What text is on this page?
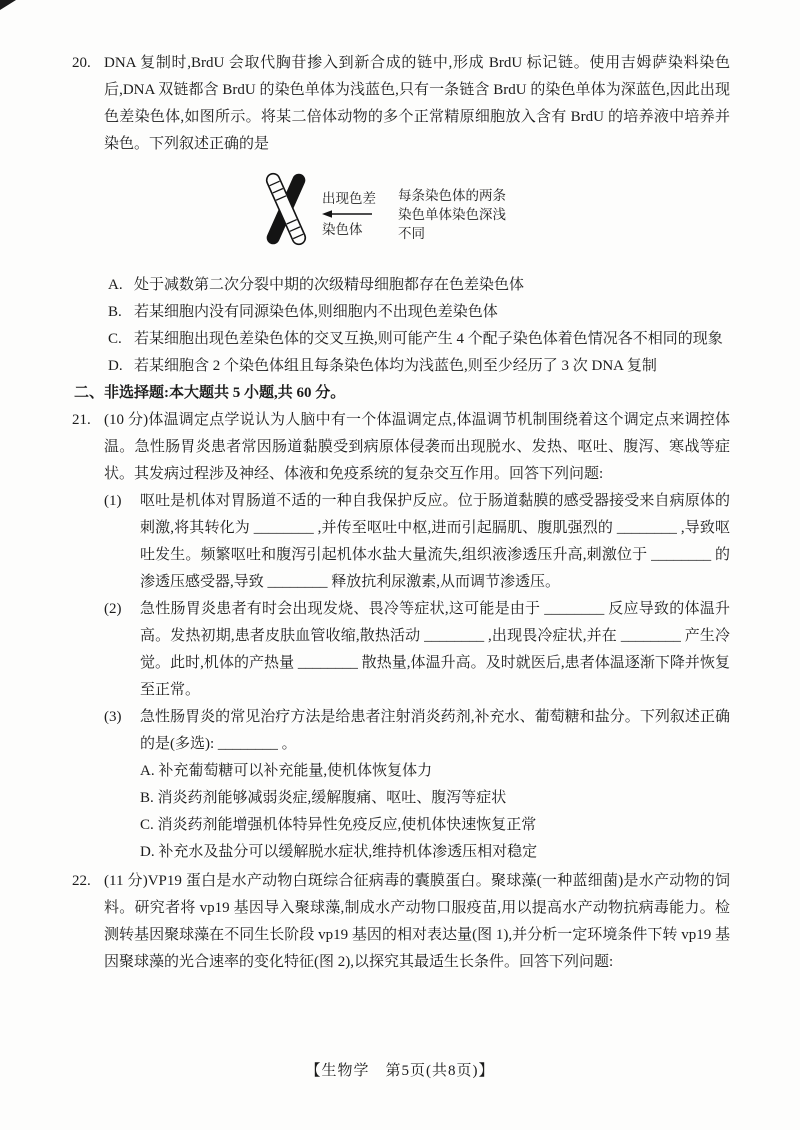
20. DNA 复制时,BrdU 会取代胸苷掺入到新合成的链中,形成 BrdU 标记链。使用吉姆萨染料染色后,DNA 双链都含 BrdU 的染色单体为浅蓝色,只有一条链含 BrdU 的染色单体为深蓝色,因此出现色差染色体,如图所示。将某二倍体动物的多个正常精原细胞放入含有 BrdU 的培养液中培养并染色。下列叙述正确的是
出现色差
染色体
每条染色体的两条
染色单体染色深浅
不同
A. 处于减数第二次分裂中期的次级精母细胞都存在色差染色体
B. 若某细胞内没有同源染色体,则细胞内不出现色差染色体
C. 若某细胞出现色差染色体的交叉互换,则可能产生 4 个配子染色体着色情况各不相同的现象
D. 若某细胞含 2 个染色体组且每条染色体均为浅蓝色,则至少经历了 3 次 DNA 复制
二、非选择题:本大题共 5 小题,共 60 分。
21. (10 分)体温调定点学说认为人脑中有一个体温调定点,体温调节机制围绕着这个调定点来调控体温。急性肠胃炎患者常因肠道黏膜受到病原体侵袭而出现脱水、发热、呕吐、腹泻、寒战等症状。其发病过程涉及神经、体液和免疫系统的复杂交互作用。回答下列问题:
(1)	呕吐是机体对胃肠道不适的一种自我保护反应。位于肠道黏膜的感受器接受来自病原体的刺激,将其转化为 ________ ,并传至呕吐中枢,进而引起膈肌、腹肌强烈的 ________ ,导致呕吐发生。频繁呕吐和腹泻引起机体水盐大量流失,组织液渗透压升高,刺激位于 ________ 的渗透压感受器,导致 ________ 释放抗利尿激素,从而调节渗透压。
(2)	急性肠胃炎患者有时会出现发烧、畏冷等症状,这可能是由于 ________ 反应导致的体温升高。发热初期,患者皮肤血管收缩,散热活动 ________ ,出现畏冷症状,并在 ________ 产生冷觉。此时,机体的产热量 ________ 散热量,体温升高。及时就医后,患者体温逐渐下降并恢复至正常。
(3)	急性肠胃炎的常见治疗方法是给患者注射消炎药剂,补充水、葡萄糖和盐分。下列叙述正确的是(多选): ________ 。
A. 补充葡萄糖可以补充能量,使机体恢复体力
B. 消炎药剂能够减弱炎症,缓解腹痛、呕吐、腹泻等症状
C. 消炎药剂能增强机体特异性免疫反应,使机体快速恢复正常
D. 补充水及盐分可以缓解脱水症状,维持机体渗透压相对稳定
22. (11 分)VP19 蛋白是水产动物白斑综合征病毒的囊膜蛋白。聚球藻(一种蓝细菌)是水产动物的饲料。研究者将 vp19 基因导入聚球藻,制成水产动物口服疫苗,用以提高水产动物抗病毒能力。检测转基因聚球藻在不同生长阶段 vp19 基因的相对表达量(图 1),并分析一定环境条件下转 vp19 基因聚球藻的光合速率的变化特征(图 2),以探究其最适生长条件。回答下列问题:
【生物学　第5页(共8页)】
